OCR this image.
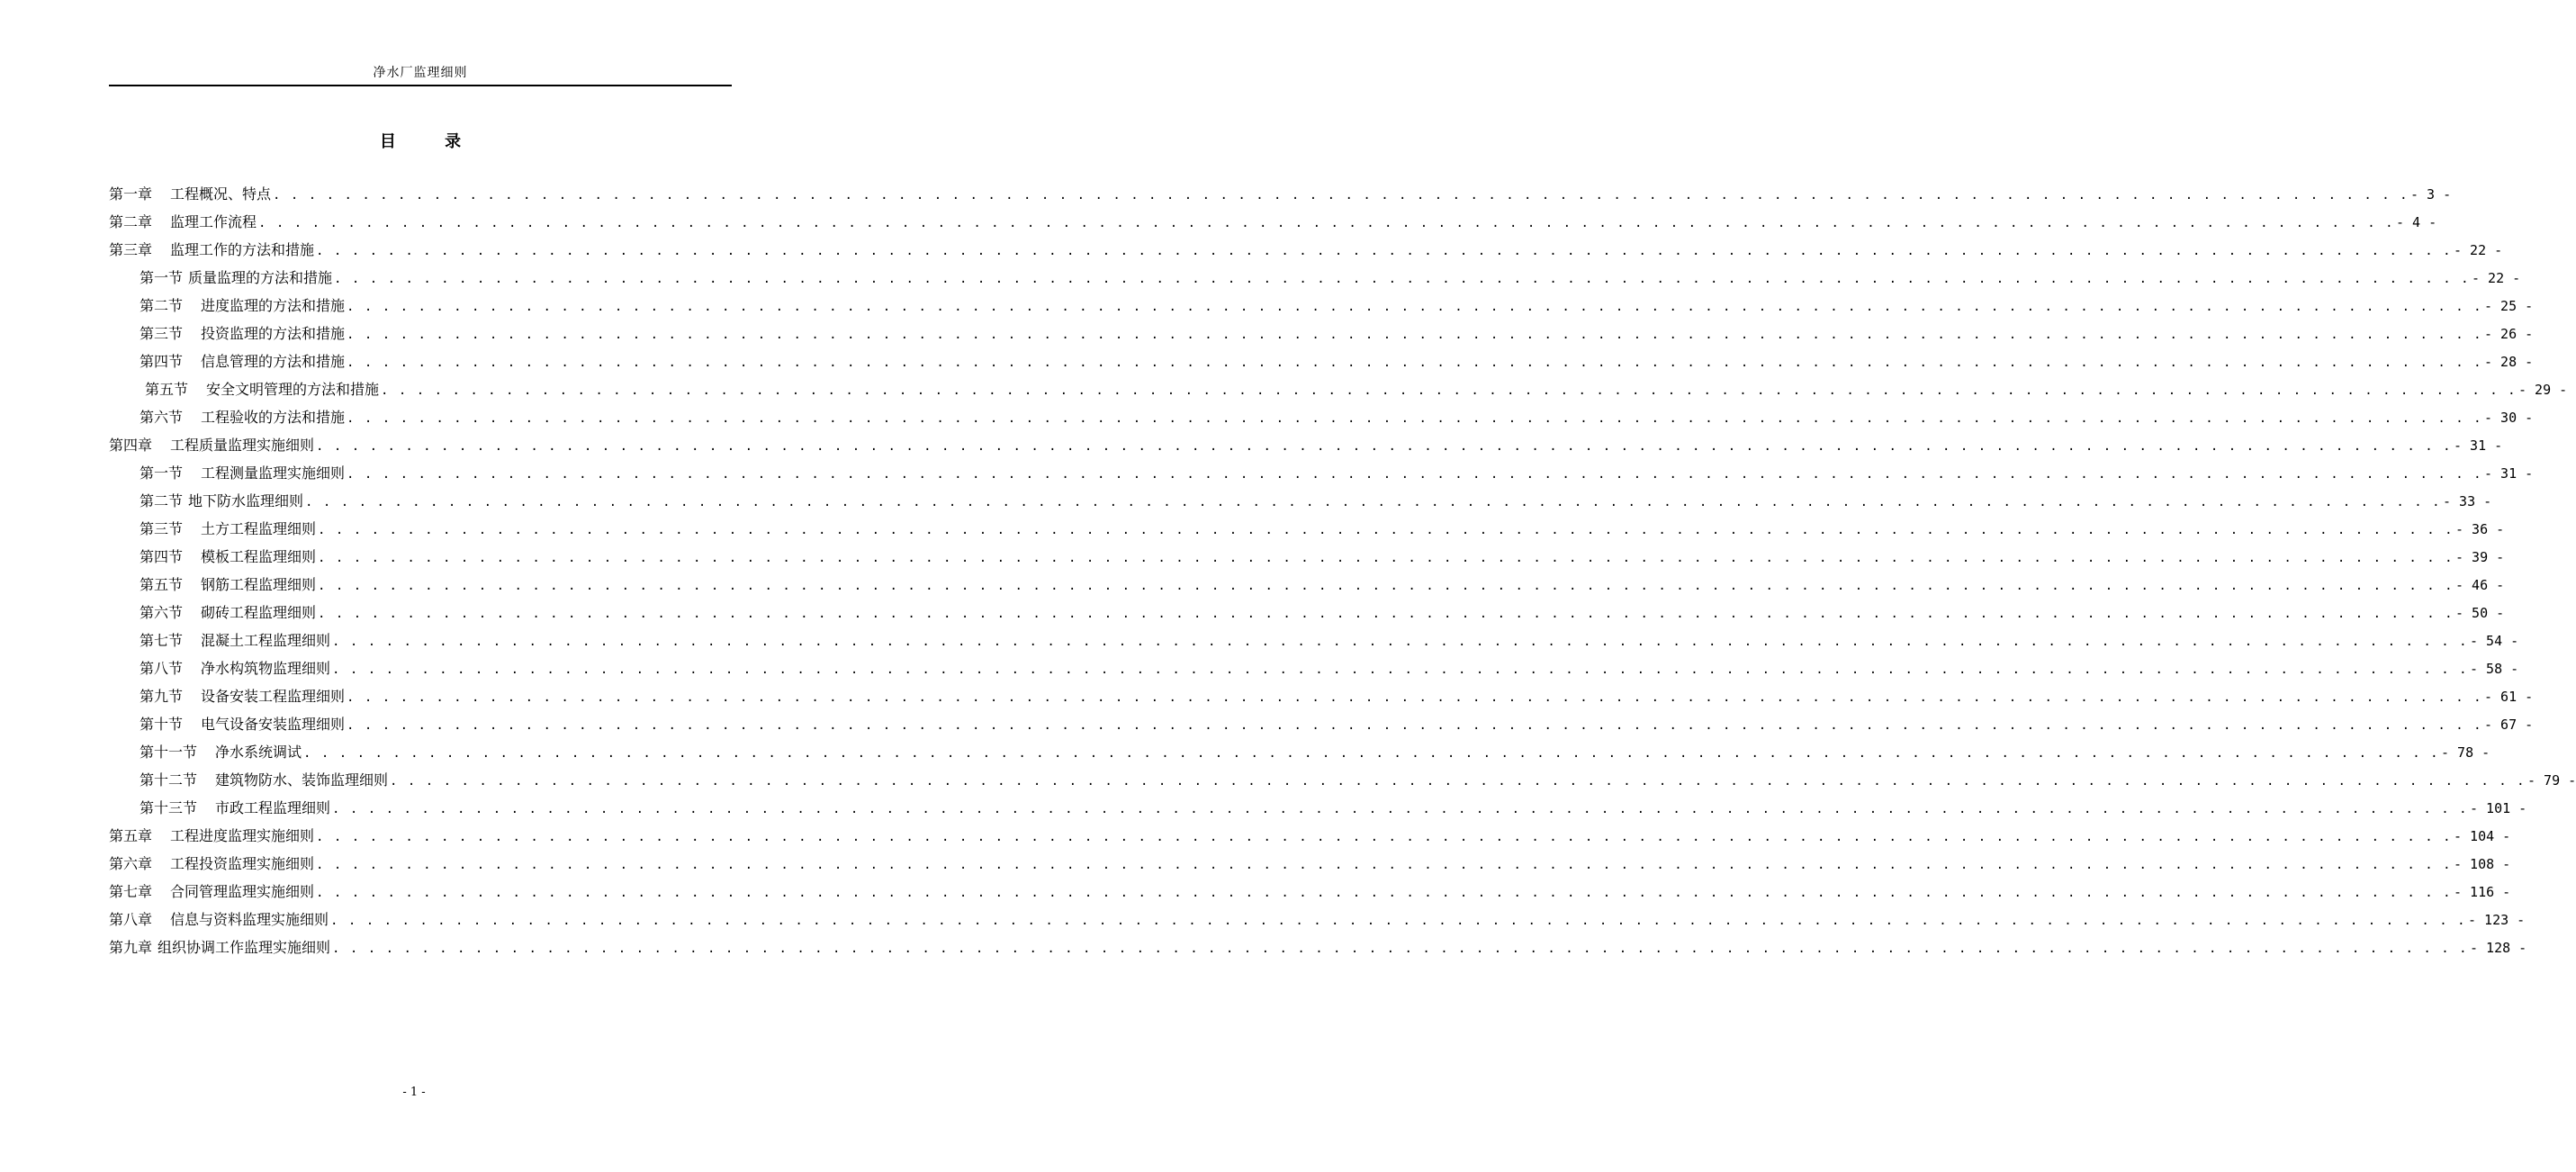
净水厂监理细则
目 录
第一章 工程概况、特点 . . . . . . . . . . . . . . . . . . . . . . . . . . . . . . . . . . . . . . . . . . . . . . . . . . . . . . . . . . . . . . . . . . . . . . . . . . . . . . . . . . . . . . . . . . . . . . . . . . . . . . . . . . . . . . . . . . . . . . . . - 3 -
第二章 监理工作流程 . . . . . . . . . . . . . . . . . . . . . . . . . . . . . . . . . . . . . . . . . . . . . . . . . . . . . . . . . . . . . . . . . . . . . . . . . . . . . . . . . . . . . . . . . . . . . . . . . . . . . . . . . . . . . . . . . . . . . . . . - 4 -
第三章 监理工作的方法和措施 . . . . . . . . . . . . . . . . . . . . . . . . . . . . . . . . . . . . . . . . . . . . . . . . . . . . . . . . . . . . . . . . . . . . . . . . . . . . . . . . . . . . . . . . . . . . . . . . . . . . . . . . . . . . . . . . . . . . . . . . - 22 -
第一节 质量监理的方法和措施 . . . . . . . . . . . . . . . . . . . . . . . . . . . . . . . . . . . . . . . . . . . . . . . . . . . . . . . . . . . . . . . . . . . . . . . . . . . . . . . . . . . . . . . . . . . . . . . . . . . . . . . . . . . . . . . . . . . . . . . . - 22 -
第二节 进度监理的方法和措施 . . . . . . . . . . . . . . . . . . . . . . . . . . . . . . . . . . . . . . . . . . . . . . . . . . . . . . . . . . . . . . . . . . . . . . . . . . . . . . . . . . . . . . . . . . . . . . . . . . . . . . . . . . . . . . . . . . . . . . . . - 25 -
第三节 投资监理的方法和措施 . . . . . . . . . . . . . . . . . . . . . . . . . . . . . . . . . . . . . . . . . . . . . . . . . . . . . . . . . . . . . . . . . . . . . . . . . . . . . . . . . . . . . . . . . . . . . . . . . . . . . . . . . . . . . . . . . . . . . . . . - 26 -
第四节 信息管理的方法和措施 . . . . . . . . . . . . . . . . . . . . . . . . . . . . . . . . . . . . . . . . . . . . . . . . . . . . . . . . . . . . . . . . . . . . . . . . . . . . . . . . . . . . . . . . . . . . . . . . . . . . . . . . . . . . . . . . . . . . . . . . - 28 -
第五节 安全文明管理的方法和措施 . . . . . . . . . . . . . . . . . . . . . . . . . . . . . . . . . . . . . . . . . . . . . . . . . . . . . . . . . . . . . . . . . . . . . . . . . . . . . . . . . . . . . . . . . . . . . . . . . . . . . . . . . . . . . . . . . . . . . . . . - 29 -
第六节 工程验收的方法和措施 . . . . . . . . . . . . . . . . . . . . . . . . . . . . . . . . . . . . . . . . . . . . . . . . . . . . . . . . . . . . . . . . . . . . . . . . . . . . . . . . . . . . . . . . . . . . . . . . . . . . . . . . . . . . . . . . . . . . . . . . - 30 -
第四章 工程质量监理实施细则 . . . . . . . . . . . . . . . . . . . . . . . . . . . . . . . . . . . . . . . . . . . . . . . . . . . . . . . . . . . . . . . . . . . . . . . . . . . . . . . . . . . . . . . . . . . . . . . . . . . . . . . . . . . . . . . . . . . . . . . . - 31 -
第一节 工程测量监理实施细则 . . . . . . . . . . . . . . . . . . . . . . . . . . . . . . . . . . . . . . . . . . . . . . . . . . . . . . . . . . . . . . . . . . . . . . . . . . . . . . . . . . . . . . . . . . . . . . . . . . . . . . . . . . . . . . . . . . . . . . . . - 31 -
第二节 地下防水监理细则 . . . . . . . . . . . . . . . . . . . . . . . . . . . . . . . . . . . . . . . . . . . . . . . . . . . . . . . . . . . . . . . . . . . . . . . . . . . . . . . . . . . . . . . . . . . . . . . . . . . . . . . . . . . . . . . . . . . . . . . . - 33 -
第三节 土方工程监理细则 . . . . . . . . . . . . . . . . . . . . . . . . . . . . . . . . . . . . . . . . . . . . . . . . . . . . . . . . . . . . . . . . . . . . . . . . . . . . . . . . . . . . . . . . . . . . . . . . . . . . . . . . . . . . . . . . . . . . . . . . - 36 -
第四节 模板工程监理细则 . . . . . . . . . . . . . . . . . . . . . . . . . . . . . . . . . . . . . . . . . . . . . . . . . . . . . . . . . . . . . . . . . . . . . . . . . . . . . . . . . . . . . . . . . . . . . . . . . . . . . . . . . . . . . . . . . . . . . . . . - 39 -
第五节 钢筋工程监理细则 . . . . . . . . . . . . . . . . . . . . . . . . . . . . . . . . . . . . . . . . . . . . . . . . . . . . . . . . . . . . . . . . . . . . . . . . . . . . . . . . . . . . . . . . . . . . . . . . . . . . . . . . . . . . . . . . . . . . . . . . - 46 -
第六节 砌砖工程监理细则 . . . . . . . . . . . . . . . . . . . . . . . . . . . . . . . . . . . . . . . . . . . . . . . . . . . . . . . . . . . . . . . . . . . . . . . . . . . . . . . . . . . . . . . . . . . . . . . . . . . . . . . . . . . . . . . . . . . . . . . . - 50 -
第七节 混凝土工程监理细则 . . . . . . . . . . . . . . . . . . . . . . . . . . . . . . . . . . . . . . . . . . . . . . . . . . . . . . . . . . . . . . . . . . . . . . . . . . . . . . . . . . . . . . . . . . . . . . . . . . . . . . . . . . . . . . . . . . . . . . . . - 54 -
第八节 净水构筑物监理细则 . . . . . . . . . . . . . . . . . . . . . . . . . . . . . . . . . . . . . . . . . . . . . . . . . . . . . . . . . . . . . . . . . . . . . . . . . . . . . . . . . . . . . . . . . . . . . . . . . . . . . . . . . . . . . . . . . . . . . . . . - 58 -
第九节 设备安装工程监理细则 . . . . . . . . . . . . . . . . . . . . . . . . . . . . . . . . . . . . . . . . . . . . . . . . . . . . . . . . . . . . . . . . . . . . . . . . . . . . . . . . . . . . . . . . . . . . . . . . . . . . . . . . . . . . . . . . . . . . . . . . - 61 -
第十节 电气设备安装监理细则 . . . . . . . . . . . . . . . . . . . . . . . . . . . . . . . . . . . . . . . . . . . . . . . . . . . . . . . . . . . . . . . . . . . . . . . . . . . . . . . . . . . . . . . . . . . . . . . . . . . . . . . . . . . . . . . . . . . . . . . . - 67 -
第十一节 净水系统调试 . . . . . . . . . . . . . . . . . . . . . . . . . . . . . . . . . . . . . . . . . . . . . . . . . . . . . . . . . . . . . . . . . . . . . . . . . . . . . . . . . . . . . . . . . . . . . . . . . . . . . . . . . . . . . . . . . . . . . . . . - 78 -
第十二节 建筑物防水、装饰监理细则 . . . . . . . . . . . . . . . . . . . . . . . . . . . . . . . . . . . . . . . . . . . . . . . . . . . . . . . . . . . . . . . . . . . . . . . . . . . . . . . . . . . . . . . . . . . . . . . . . . . . . . . . . . . . . . . . . . . . . . . . - 79 -
第十三节 市政工程监理细则 . . . . . . . . . . . . . . . . . . . . . . . . . . . . . . . . . . . . . . . . . . . . . . . . . . . . . . . . . . . . . . . . . . . . . . . . . . . . . . . . . . . . . . . . . . . . . . . . . . . . . . . . . . . . . . . . . . . . . . . . - 101 -
第五章 工程进度监理实施细则 . . . . . . . . . . . . . . . . . . . . . . . . . . . . . . . . . . . . . . . . . . . . . . . . . . . . . . . . . . . . . . . . . . . . . . . . . . . . . . . . . . . . . . . . . . . . . . . . . . . . . . . . . . . . . . . . . . . . . . . . - 104 -
第六章 工程投资监理实施细则 . . . . . . . . . . . . . . . . . . . . . . . . . . . . . . . . . . . . . . . . . . . . . . . . . . . . . . . . . . . . . . . . . . . . . . . . . . . . . . . . . . . . . . . . . . . . . . . . . . . . . . . . . . . . . . . . . . . . . . . . - 108 -
第七章 合同管理监理实施细则 . . . . . . . . . . . . . . . . . . . . . . . . . . . . . . . . . . . . . . . . . . . . . . . . . . . . . . . . . . . . . . . . . . . . . . . . . . . . . . . . . . . . . . . . . . . . . . . . . . . . . . . . . . . . . . . . . . . . . . . . - 116 -
第八章 信息与资料监理实施细则 . . . . . . . . . . . . . . . . . . . . . . . . . . . . . . . . . . . . . . . . . . . . . . . . . . . . . . . . . . . . . . . . . . . . . . . . . . . . . . . . . . . . . . . . . . . . . . . . . . . . . . . . . . . . . . . . . . . . . . . . - 123 -
第九章 组织协调工作监理实施细则 . . . . . . . . . . . . . . . . . . . . . . . . . . . . . . . . . . . . . . . . . . . . . . . . . . . . . . . . . . . . . . . . . . . . . . . . . . . . . . . . . . . . . . . . . . . . . . . . . . . . . . . . . . . . . . . . . . . . . . . . - 128 -
- 1 -
